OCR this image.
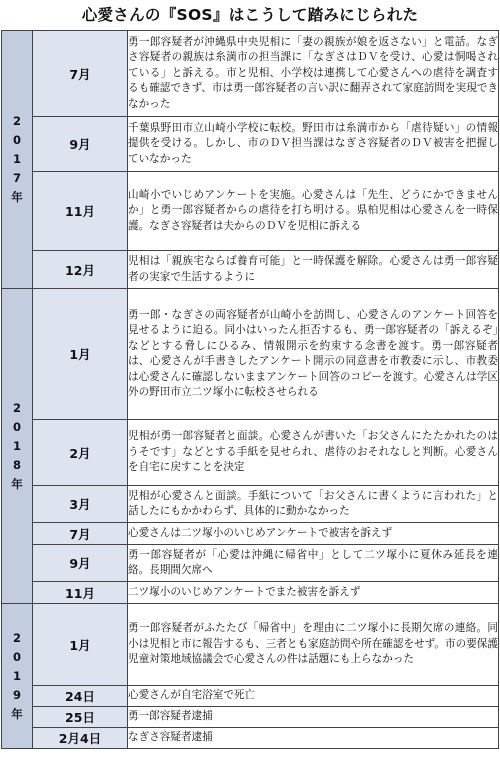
心愛さんの『SOS』はこうして踏みにじられた
2
0
1
7
年	7月	勇一郎容疑者が沖縄県中央児相に「妻の親族が娘を返さない」と電話。なぎさ容疑者の親族は糸満市の担当課に「なぎさはＤＶを受け、心愛は恫喝されている」と訴える。市と児相、小学校は連携して心愛さんへの虐待を調査するも確認できず、市は勇一郎容疑者の言い訳に翻弄されて家庭訪問を実現できなかった
	9月	千葉県野田市立山崎小学校に転校。野田市は糸満市から「虐待疑い」の情報提供を受ける。しかし、市のＤＶ担当課はなぎさ容疑者のＤＶ被害を把握していなかった
	11月	山崎小でいじめアンケートを実施。心愛さんは「先生、どうにかできませんか」と勇一郎容疑者からの虐待を打ち明ける。県柏児相は心愛さんを一時保護。なぎさ容疑者は夫からのＤＶを児相に訴える
	12月	児相は「親族宅ならば養育可能」と一時保護を解除。心愛さんは勇一郎容疑者の実家で生活するように

2
0
1
8
年	1月	勇一郎・なぎさの両容疑者が山崎小を訪問し、心愛さんのアンケート回答を見せるように迫る。同小はいったん拒否するも、勇一郎容疑者の「訴えるぞ」などとする脅しにひるみ、情報開示を約束する念書を渡す。勇一郎容疑者は、心愛さんが手書きしたアンケート開示の同意書を市教委に示し、市教委は心愛さんに確認しないままアンケート回答のコピーを渡す。心愛さんは学区外の野田市立二ツ塚小に転校させられる
	2月	児相が勇一郎容疑者と面談。心愛さんが書いた「お父さんにたたかれたのはうそです」などとする手紙を見せられ、虐待のおそれなしと判断。心愛さんを自宅に戻すことを決定
	3月	児相が心愛さんと面談。手紙について「お父さんに書くように言われた」と話したにもかかわらず、具体的に動かなかった
	7月	心愛さんは二ツ塚小のいじめアンケートで被害を訴えず
	9月	勇一郎容疑者が「心愛は沖縄に帰省中」として二ツ塚小に夏休み延長を連絡。長期間欠席へ
	11月	二ツ塚小のいじめアンケートでまた被害を訴えず

2
0
1
9
年	1月	勇一郎容疑者がふたたび「帰省中」を理由に二ツ塚小に長期欠席の連絡。同小は児相と市に報告するも、三者とも家庭訪問や所在確認をせず。市の要保護児童対策地域協議会で心愛さんの件は話題にも上らなかった
	24日	心愛さんが自宅浴室で死亡
	25日	勇一郎容疑者逮捕
	2月4日	なぎさ容疑者逮捕
